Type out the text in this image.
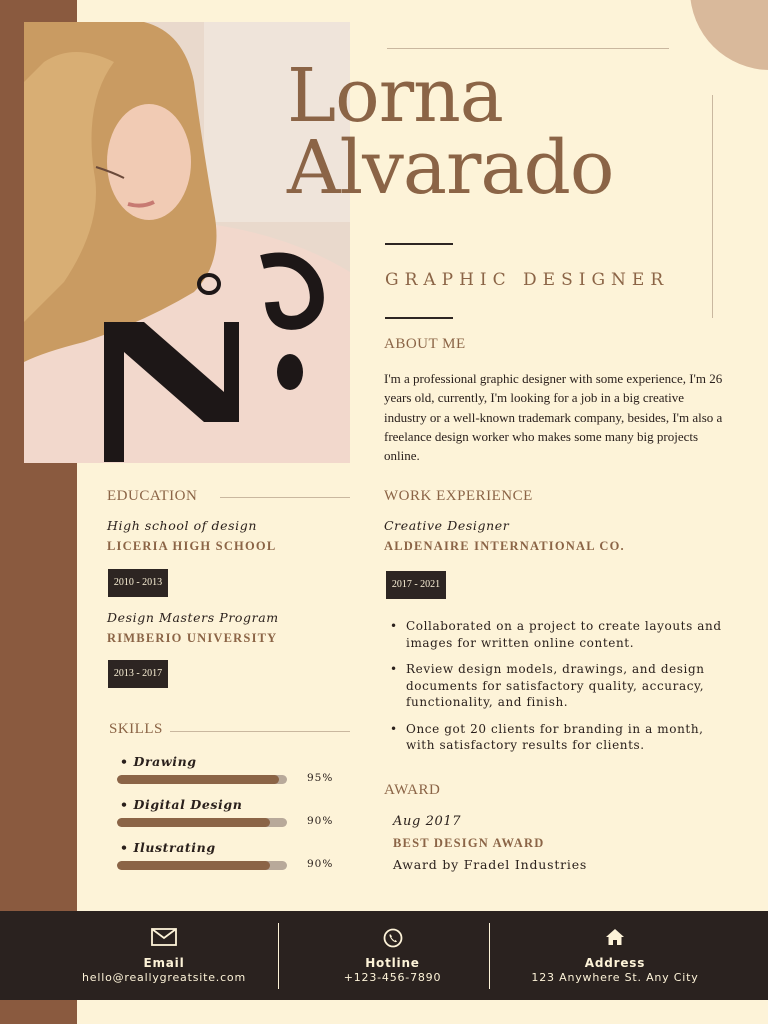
Lorna
Alvarado
GRAPHIC DESIGNER
ABOUT ME
I'm a professional graphic designer with some experience, I'm 26 years old, currently, I'm looking for a job in a big creative industry or a well-known trademark company, besides, I'm also a freelance design worker who makes some many big projects online.
EDUCATION
High school of design
LICERIA HIGH SCHOOL
2010 - 2013
Design Masters Program
RIMBERIO UNIVERSITY
2013 - 2017
SKILLS
• Drawing
95%
• Digital Design
90%
• Ilustrating
90%
WORK EXPERIENCE
Creative Designer
ALDENAIRE INTERNATIONAL CO.
2017 - 2021
• Collaborated on a project to create layouts and images for written online content.
• Review design models, drawings, and design documents for satisfactory quality, accuracy, functionality, and finish.
• Once got 20 clients for branding in a month, with satisfactory results for clients.
AWARD
Aug 2017
BEST DESIGN AWARD
Award by Fradel Industries
Email
hello@reallygreatsite.com
Hotline
+123-456-7890
Address
123 Anywhere St. Any City
